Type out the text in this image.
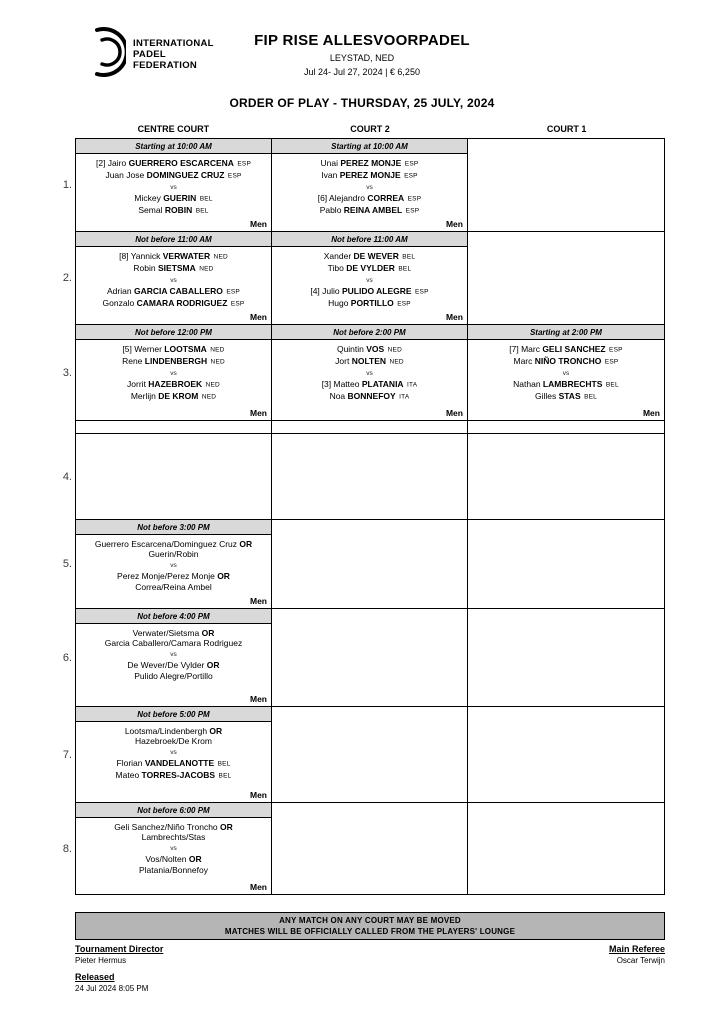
INTERNATIONAL
PADEL
FEDERATION
FIP RISE ALLESVOORPADEL
LEYSTAD, NED
Jul 24- Jul 27, 2024 | € 6,250
ORDER OF PLAY - THURSDAY, 25 JULY, 2024
CENTRE COURT	COURT 2	COURT 1
1.
Starting at 10:00 AM
[2] Jairo GUERRERO ESCARCENA ESP
Juan Jose DOMINGUEZ CRUZ ESP
vs
Mickey GUERIN BEL
Semal ROBIN BEL
Men
Starting at 10:00 AM
Unai PEREZ MONJE ESP
Ivan PEREZ MONJE ESP
vs
[6] Alejandro CORREA ESP
Pablo REINA AMBEL ESP
Men
2.
Not before 11:00 AM
[8] Yannick VERWATER NED
Robin SIETSMA NED
vs
Adrian GARCIA CABALLERO ESP
Gonzalo CAMARA RODRIGUEZ ESP
Men
Not before 11:00 AM
Xander DE WEVER BEL
Tibo DE VYLDER BEL
vs
[4] Julio PULIDO ALEGRE ESP
Hugo PORTILLO ESP
Men
3.
Not before 12:00 PM
[5] Werner LOOTSMA NED
Rene LINDENBERGH NED
vs
Jorrit HAZEBROEK NED
Merlijn DE KROM NED
Men
Not before 2:00 PM
Quintin VOS NED
Jort NOLTEN NED
vs
[3] Matteo PLATANIA ITA
Noa BONNEFOY ITA
Men
Starting at 2:00 PM
[7] Marc GELI SANCHEZ ESP
Marc NIÑO TRONCHO ESP
vs
Nathan LAMBRECHTS BEL
Gilles STAS BEL
Men
4.
5.
Not before 3:00 PM
Guerrero Escarcena/Dominguez Cruz OR
Guerin/Robin
vs
Perez Monje/Perez Monje OR
Correa/Reina Ambel
Men
6.
Not before 4:00 PM
Verwater/Sietsma OR
Garcia Caballero/Camara Rodriguez
vs
De Wever/De Vylder OR
Pulido Alegre/Portillo
Men
7.
Not before 5:00 PM
Lootsma/Lindenbergh OR
Hazebroek/De Krom
vs
Florian VANDELANOTTE BEL
Mateo TORRES-JACOBS BEL
Men
8.
Not before 6:00 PM
Geli Sanchez/Niño Troncho OR
Lambrechts/Stas
vs
Vos/Nolten OR
Platania/Bonnefoy
Men
ANY MATCH ON ANY COURT MAY BE MOVED
MATCHES WILL BE OFFICIALLY CALLED FROM THE PLAYERS' LOUNGE
Tournament Director
Pieter Hermus
Released
24 Jul 2024 8:05 PM
Main Referee
Oscar Terwijn
